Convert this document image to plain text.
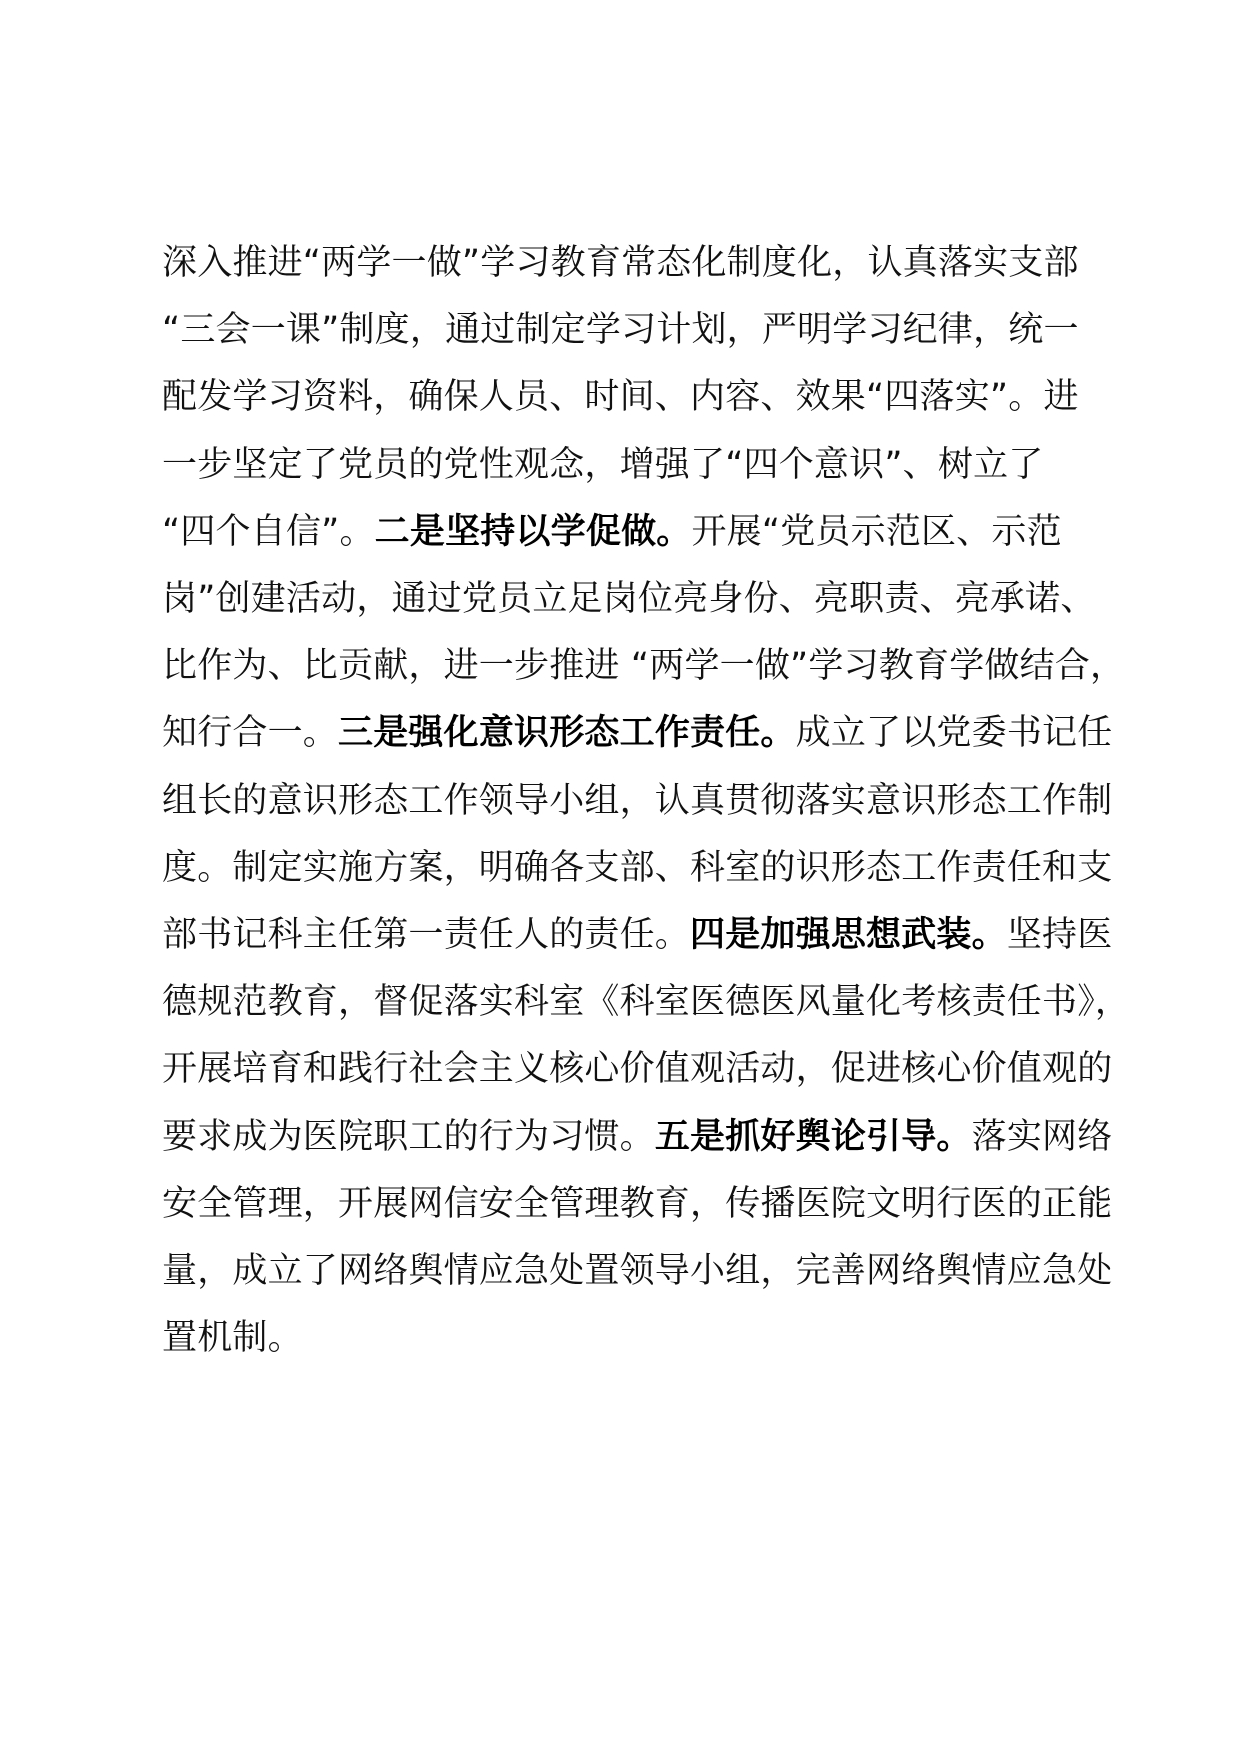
深入推进“两学一做”学习教育常态化制度化，认真落实支部
“三会一课”制度，通过制定学习计划，严明学习纪律，统一
配发学习资料，确保人员、时间、内容、效果“四落实”。进
一步坚定了党员的党性观念，增强了“四个意识”、树立了
“四个自信”。二是坚持以学促做。开展“党员示范区、示范
岗”创建活动，通过党员立足岗位亮身份、亮职责、亮承诺、
比作为、比贡献，进一步推进 “两学一做”学习教育学做结合，
知行合一。三是强化意识形态工作责任。成立了以党委书记任
组长的意识形态工作领导小组，认真贯彻落实意识形态工作制
度。制定实施方案，明确各支部、科室的识形态工作责任和支
部书记科主任第一责任人的责任。四是加强思想武装。坚持医
德规范教育，督促落实科室《科室医德医风量化考核责任书》，
开展培育和践行社会主义核心价值观活动，促进核心价值观的
要求成为医院职工的行为习惯。五是抓好舆论引导。落实网络
安全管理，开展网信安全管理教育，传播医院文明行医的正能
量，成立了网络舆情应急处置领导小组，完善网络舆情应急处
置机制。
